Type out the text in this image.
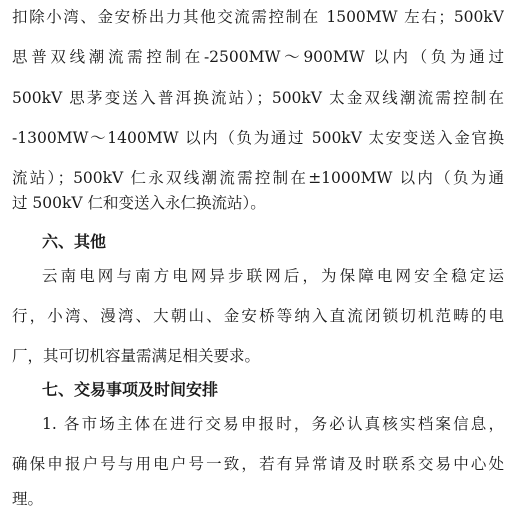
扣除小湾、金安桥出力其他交流需控制在 1500MW 左右；500kV
思普双线潮流需控制在-2500MW～900MW 以内（负为通过
500kV 思茅变送入普洱换流站）；500kV 太金双线潮流需控制在
-1300MW～1400MW 以内（负为通过 500kV 太安变送入金官换
流站）；500kV 仁永双线潮流需控制在±1000MW 以内（负为通
过 500kV 仁和变送入永仁换流站）。
六、其他
云南电网与南方电网异步联网后，为保障电网安全稳定运
行，小湾、漫湾、大朝山、金安桥等纳入直流闭锁切机范畴的电
厂，其可切机容量需满足相关要求。
七、交易事项及时间安排
1. 各市场主体在进行交易申报时，务必认真核实档案信息，
确保申报户号与用电户号一致，若有异常请及时联系交易中心处
理。
